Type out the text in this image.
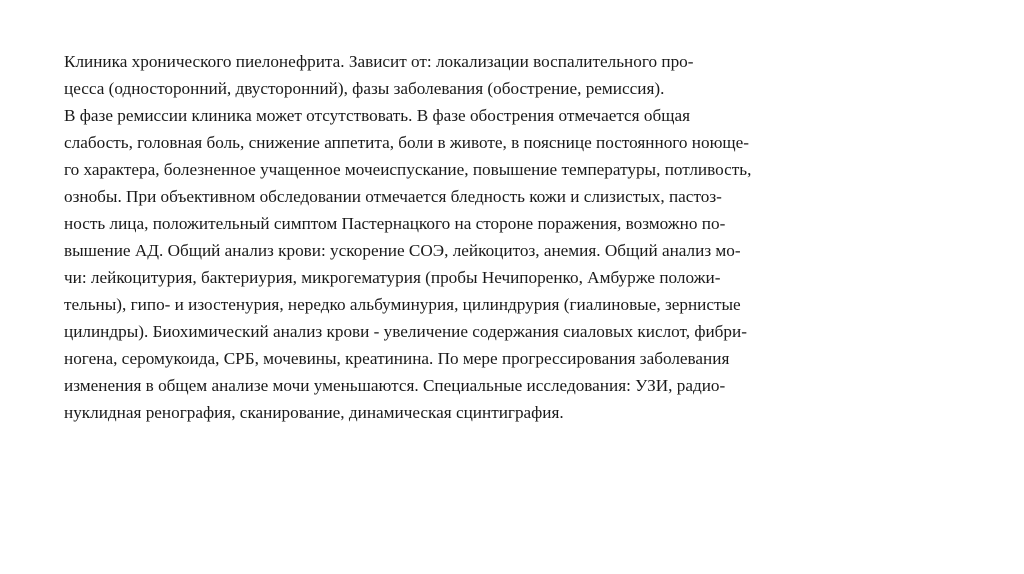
Клиника хронического пиелонефрита. Зависит от: локализации воспалительного про-
цесса (односторонний, двусторонний), фазы заболевания (обострение, ремиссия).
В фазе ремиссии клиника может отсутствовать. В фазе обострения отмечается общая
слабость, головная боль, снижение аппетита, боли в животе, в пояснице постоянного ноюще-
го характера, болезненное учащенное мочеиспускание, повышение температуры, потливость,
ознобы. При объективном обследовании отмечается бледность кожи и слизистых, пастоз-
ность лица, положительный симптом Пастернацкого на стороне поражения, возможно по-
вышение АД. Общий анализ крови: ускорение СОЭ, лейкоцитоз, анемия. Общий анализ мо-
чи: лейкоцитурия, бактериурия, микрогематурия (пробы Нечипоренко, Амбурже положи-
тельны), гипо- и изостенурия, нередко альбуминурия, цилиндрурия (гиалиновые, зернистые
цилиндры). Биохимический анализ крови - увеличение содержания сиаловых кислот, фибри-
ногена, серомукоида, СРБ, мочевины, креатинина. По мере прогрессирования заболевания
изменения в общем анализе мочи уменьшаются. Специальные исследования: УЗИ, радио-
нуклидная ренография, сканирование, динамическая сцинтиграфия.
